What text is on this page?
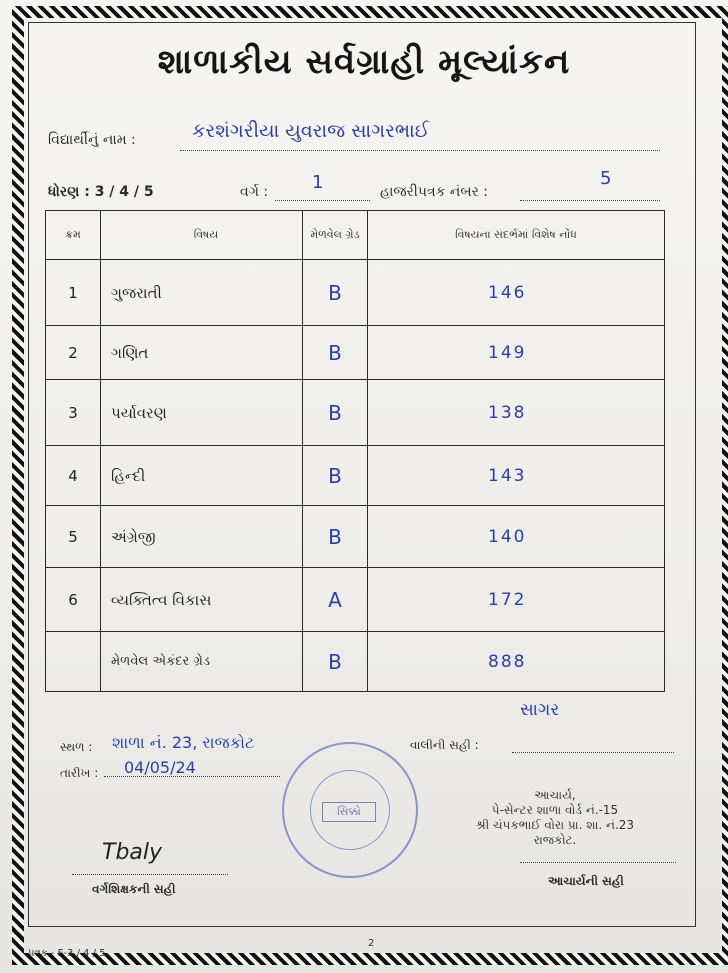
શાળાકીય સર્વગ્રાહી મૂલ્યાંકન
વિદ્યાર્થીનું નામ :	કરશંગરીયા યુવરાજ સાગરભાઈ
ધોરણ : 3 / 4 / 5	વર્ગ : 1	હાજરીપત્રક નંબર :
5
ક્રમ	વિષય	મેળવેલ ગ્રેડ	વિષયના સંદર્ભમાં વિશેષ નોંધ
1	ગુજરાતી	B	146
2	ગણિત	B	149
3	પર્યાવરણ	B	138
4	હિન્દી	B	143
5	અંગ્રેજી	B	140
6	વ્યક્તિત્વ વિકાસ	A	172
	મેળવેલ એકંદર ગ્રેડ	B	888
સાગર
સ્થળ : શાળા નં. 23, રાજકોટ
તારીખ : 04/05/24
વાલીની સહી :
સિક્કો
આચાર્ય,
પે-સેન્ટર શાળા વોર્ડ નં.-15
શ્રી ચંપકભાઈ વોરા પ્રા. શા. નં.23
રાજકોટ.
આચાર્યની સહી
Tbaly
વર્ગશિક્ષકની સહી
પત્રક - F-3 / 4 / 5
2
